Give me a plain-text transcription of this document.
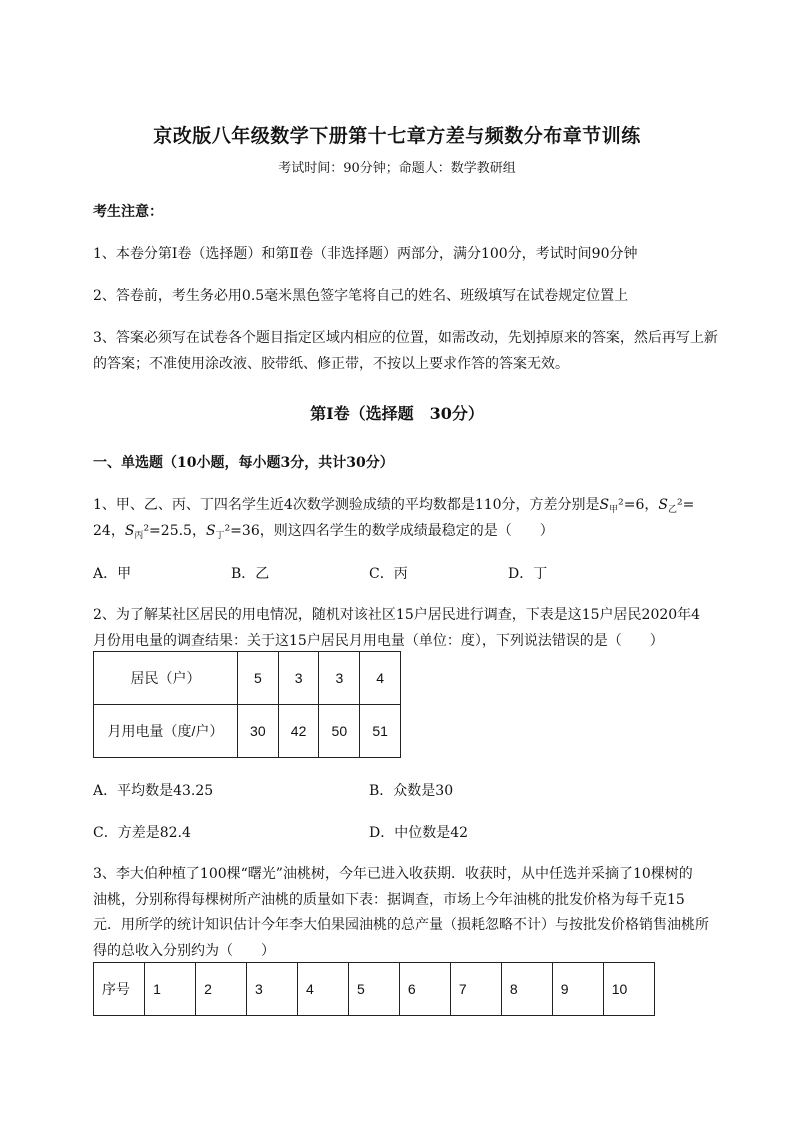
京改版八年级数学下册第十七章方差与频数分布章节训练
考试时间：90分钟；命题人：数学教研组
考生注意：
1、本卷分第Ⅰ卷（选择题）和第Ⅱ卷（非选择题）两部分，满分100分，考试时间90分钟
2、答卷前，考生务必用0.5毫米黑色签字笔将自己的姓名、班级填写在试卷规定位置上
3、答案必须写在试卷各个题目指定区域内相应的位置，如需改动，先划掉原来的答案，然后再写上新
的答案；不准使用涂改液、胶带纸、修正带，不按以上要求作答的答案无效。
第Ⅰ卷（选择题　30分）
一、单选题（10小题，每小题3分，共计30分）
1、甲、乙、丙、丁四名学生近4次数学测验成绩的平均数都是110分，方差分别是$S_甲^2=6$，$S_乙^2=$
24，$S_丙^2=25.5$，$S_丁^2=36$，则这四名学生的数学成绩最稳定的是（　　）
A．甲	B．乙	C．丙	D．丁
2、为了解某社区居民的用电情况，随机对该社区15户居民进行调查，下表是这15户居民2020年4
月份用电量的调查结果：关于这15户居民月用电量（单位：度），下列说法错误的是（　　）
居民（户）	5	3	3	4
月用电量（度/户）	30	42	50	51
A．平均数是43.25	B．众数是30
C．方差是82.4	D．中位数是42
3、李大伯种植了100棵“曙光”油桃树，今年已进入收获期．收获时，从中任选并采摘了10棵树的
油桃，分别称得每棵树所产油桃的质量如下表：据调查，市场上今年油桃的批发价格为每千克15
元．用所学的统计知识估计今年李大伯果园油桃的总产量（损耗忽略不计）与按批发价格销售油桃所
得的总收入分别约为（　　）
序号	1	2	3	4	5	6	7	8	9	10
